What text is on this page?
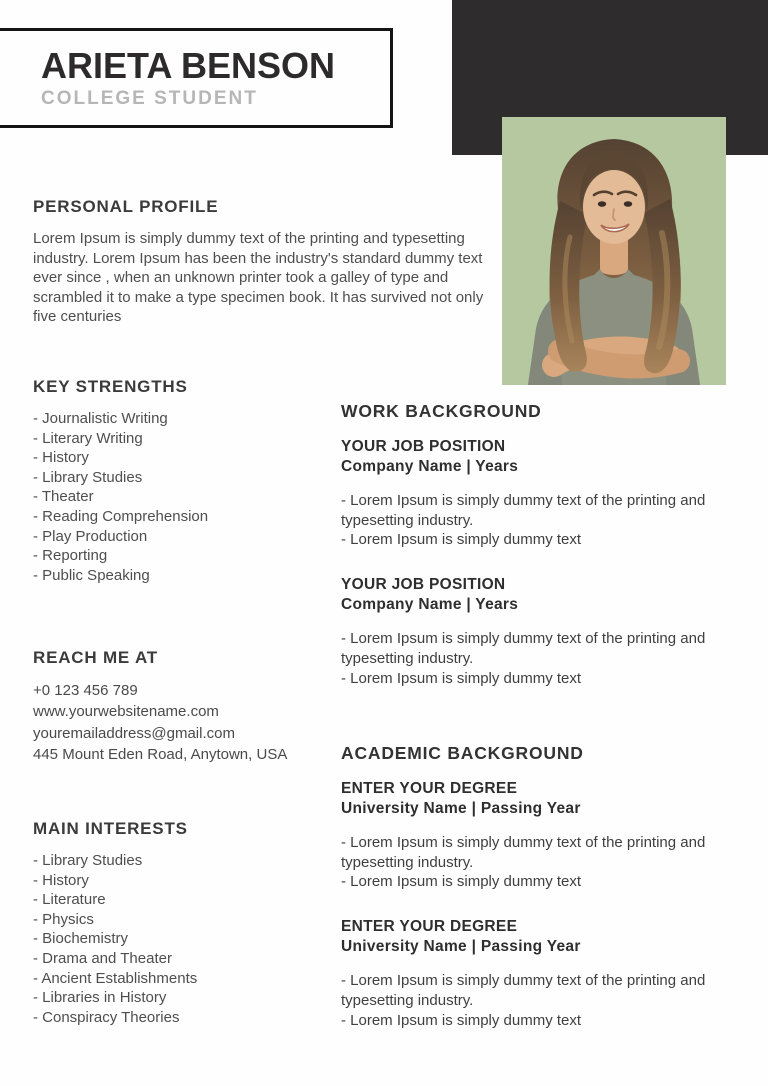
ARIETA BENSON
COLLEGE STUDENT
PERSONAL PROFILE
Lorem Ipsum is simply dummy text of the printing and typesetting industry. Lorem Ipsum has been the industry's standard dummy text ever since , when an unknown printer took a galley of type and scrambled it to make a type specimen book. It has survived not only five centuries
KEY STRENGTHS
- Journalistic Writing
- Literary Writing
- History
- Library Studies
- Theater
- Reading Comprehension
- Play Production
- Reporting
- Public Speaking
REACH ME AT
+0 123 456 789
www.yourwebsitename.com
youremailaddress@gmail.com
445 Mount Eden Road, Anytown, USA
MAIN INTERESTS
- Library Studies
- History
- Literature
- Physics
- Biochemistry
- Drama and Theater
- Ancient Establishments
- Libraries in History
- Conspiracy Theories
WORK BACKGROUND
YOUR JOB POSITION
Company Name | Years
- Lorem Ipsum is simply dummy text of the printing and typesetting industry.
- Lorem Ipsum is simply dummy text
YOUR JOB POSITION
Company Name | Years
- Lorem Ipsum is simply dummy text of the printing and typesetting industry.
- Lorem Ipsum is simply dummy text
ACADEMIC BACKGROUND
ENTER YOUR DEGREE
University Name | Passing Year
- Lorem Ipsum is simply dummy text of the printing and typesetting industry.
- Lorem Ipsum is simply dummy text
ENTER YOUR DEGREE
University Name | Passing Year
- Lorem Ipsum is simply dummy text of the printing and typesetting industry.
- Lorem Ipsum is simply dummy text
